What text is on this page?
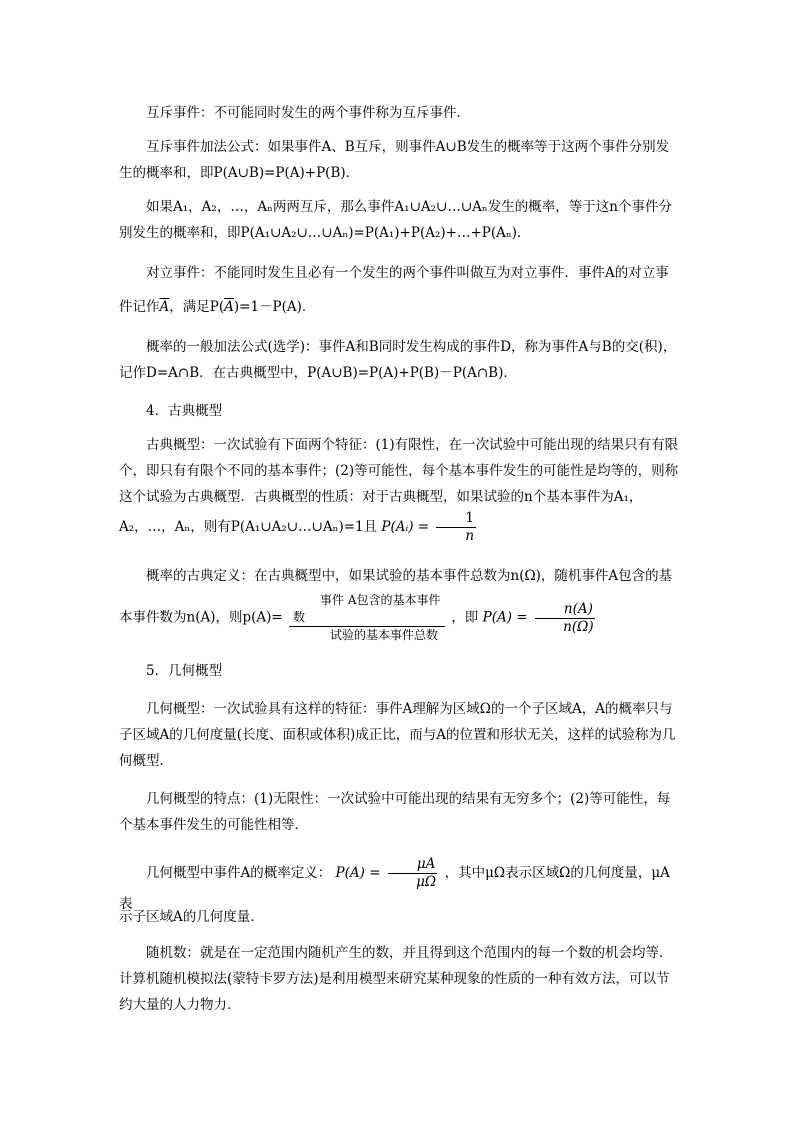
互斥事件：不可能同时发生的两个事件称为互斥事件．

互斥事件加法公式：如果事件A、B互斥，则事件A∪B发生的概率等于这两个事件分别发生的概率和，即P(A∪B)=P(A)+P(B)．

如果A₁，A₂，…，Aₙ两两互斥，那么事件A₁∪A₂∪…∪Aₙ发生的概率，等于这n个事件分别发生的概率和，即P(A₁∪A₂∪…∪Aₙ)=P(A₁)+P(A₂)+…+P(Aₙ)．

对立事件：不能同时发生且必有一个发生的两个事件叫做互为对立事件．事件A的对立事件记作$\overline{A}$，满足$P(\overline{A})=1-P(A)$．

概率的一般加法公式(选学)：事件A和B同时发生构成的事件D，称为事件A与B的交(积)，记作D=A∩B．在古典概型中，P(A∪B)=P(A)+P(B)－P(A∩B)．

4．古典概型

古典概型：一次试验有下面两个特征：(1)有限性，在一次试验中可能出现的结果只有有限个，即只有有限个不同的基本事件；(2)等可能性，每个基本事件发生的可能性是均等的，则称这个试验为古典概型．古典概型的性质：对于古典概型，如果试验的n个基本事件为A₁，A₂，…，Aₙ，则有P(A₁∪A₂∪…∪Aₙ)=1且 P(Aᵢ) = $\frac{1}{n}$

概率的古典定义：在古典概型中，如果试验的基本事件总数为n(Ω)，随机事件A包含的基本事件数为n(A)，则$p(A)= \frac{\text{事件 A包含的基本事件数}}{\text{试验的基本事件总数}}$ ，即 $P(A) = \frac{n(A)}{n(\Omega)}$

5．几何概型

几何概型：一次试验具有这样的特征：事件A理解为区域Ω的一个子区域A，A的概率只与子区域A的几何度量(长度、面积或体积)成正比，而与A的位置和形状无关，这样的试验称为几何概型．

几何概型的特点：(1)无限性：一次试验中可能出现的结果有无穷多个；(2)等可能性，每个基本事件发生的可能性相等．

几何概型中事件A的概率定义： $P(A) = \frac{\mu A}{\mu\Omega}$ ，其中μΩ表示区域Ω的几何度量，μA表

示子区域A的几何度量．

随机数：就是在一定范围内随机产生的数，并且得到这个范围内的每一个数的机会均等．计算机随机模拟法(蒙特卡罗方法)是利用模型来研究某种现象的性质的一种有效方法，可以节约大量的人力物力．
